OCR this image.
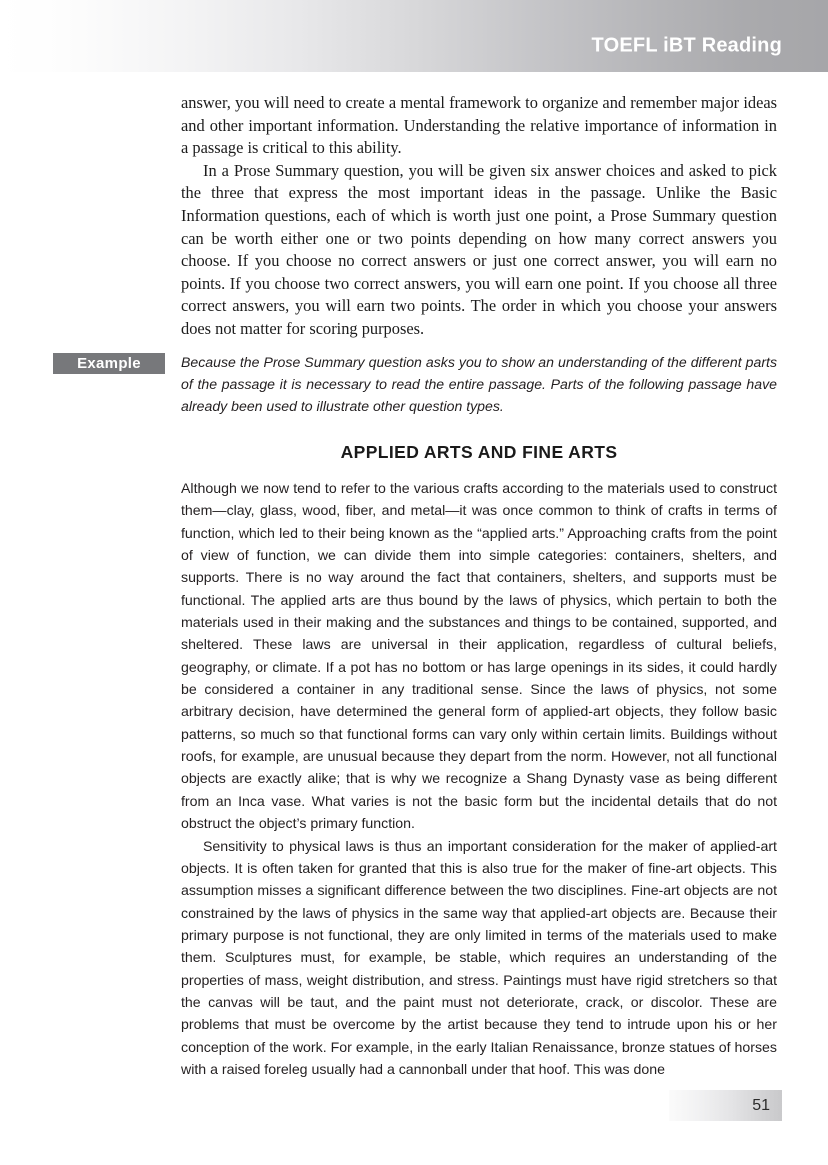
TOEFL iBT Reading

answer, you will need to create a mental framework to organize and remember major ideas and other important information. Understanding the relative importance of information in a passage is critical to this ability.

In a Prose Summary question, you will be given six answer choices and asked to pick the three that express the most important ideas in the passage. Unlike the Basic Information questions, each of which is worth just one point, a Prose Summary question can be worth either one or two points depending on how many correct answers you choose. If you choose no correct answers or just one correct answer, you will earn no points. If you choose two correct answers, you will earn one point. If you choose all three correct answers, you will earn two points. The order in which you choose your answers does not matter for scoring purposes.

Example	Because the Prose Summary question asks you to show an understanding of the different parts of the passage it is necessary to read the entire passage. Parts of the following passage have already been used to illustrate other question types.
APPLIED ARTS AND FINE ARTS

Although we now tend to refer to the various crafts according to the materials used to construct them—clay, glass, wood, fiber, and metal—it was once common to think of crafts in terms of function, which led to their being known as the “applied arts.” Approaching crafts from the point of view of function, we can divide them into simple categories: containers, shelters, and supports. There is no way around the fact that containers, shelters, and supports must be functional. The applied arts are thus bound by the laws of physics, which pertain to both the materials used in their making and the substances and things to be contained, supported, and sheltered. These laws are universal in their application, regardless of cultural beliefs, geography, or climate. If a pot has no bottom or has large openings in its sides, it could hardly be considered a container in any traditional sense. Since the laws of physics, not some arbitrary decision, have determined the general form of applied-art objects, they follow basic patterns, so much so that functional forms can vary only within certain limits. Buildings without roofs, for example, are unusual because they depart from the norm. However, not all functional objects are exactly alike; that is why we recognize a Shang Dynasty vase as being different from an Inca vase. What varies is not the basic form but the incidental details that do not obstruct the object’s primary function.

Sensitivity to physical laws is thus an important consideration for the maker of applied-art objects. It is often taken for granted that this is also true for the maker of fine-art objects. This assumption misses a significant difference between the two disciplines. Fine-art objects are not constrained by the laws of physics in the same way that applied-art objects are. Because their primary purpose is not functional, they are only limited in terms of the materials used to make them. Sculptures must, for example, be stable, which requires an understanding of the properties of mass, weight distribution, and stress. Paintings must have rigid stretchers so that the canvas will be taut, and the paint must not deteriorate, crack, or discolor. These are problems that must be overcome by the artist because they tend to intrude upon his or her conception of the work. For example, in the early Italian Renaissance, bronze statues of horses with a raised foreleg usually had a cannonball under that hoof. This was done

51
